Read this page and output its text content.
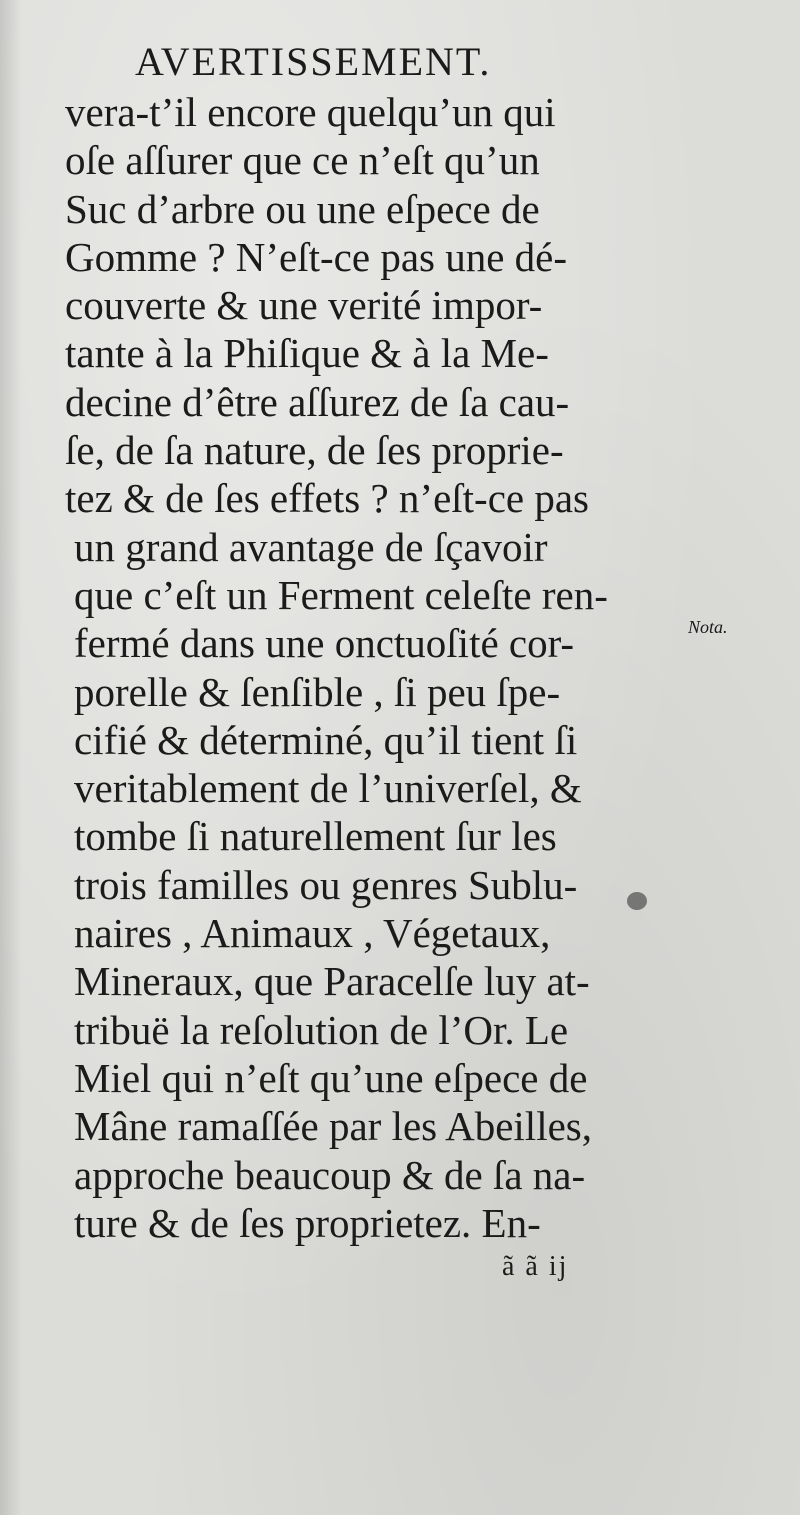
AVERTISSEMENT.
vera-t’il encore quelqu’un qui
oſe aſſurer que ce n’eſt qu’un
Suc d’arbre ou une eſpece de
Gomme ? N’eſt-ce pas une dé-
couverte & une verité impor-
tante à la Phiſique & à la Me-
decine d’être aſſurez de ſa cau-
ſe, de ſa nature, de ſes proprie-
tez & de ſes effets ? n’eſt-ce pas
un grand avantage de ſçavoir
que c’eſt un Ferment celeſte ren-
fermé dans une onctuoſité cor-
porelle & ſenſible , ſi peu ſpe-
cifié & déterminé, qu’il tient ſi
veritablement de l’univerſel, &
tombe ſi naturellement ſur les
trois familles ou genres Sublu-
naires , Animaux , Végetaux,
Mineraux, que Paracelſe luy at-
tribuë la reſolution de l’Or. Le
Miel qui n’eſt qu’une eſpece de
Mâne ramaſſée par les Abeilles,
approche beaucoup & de ſa na-
ture & de ſes proprietez. En-
Nota.
ã ã ij
